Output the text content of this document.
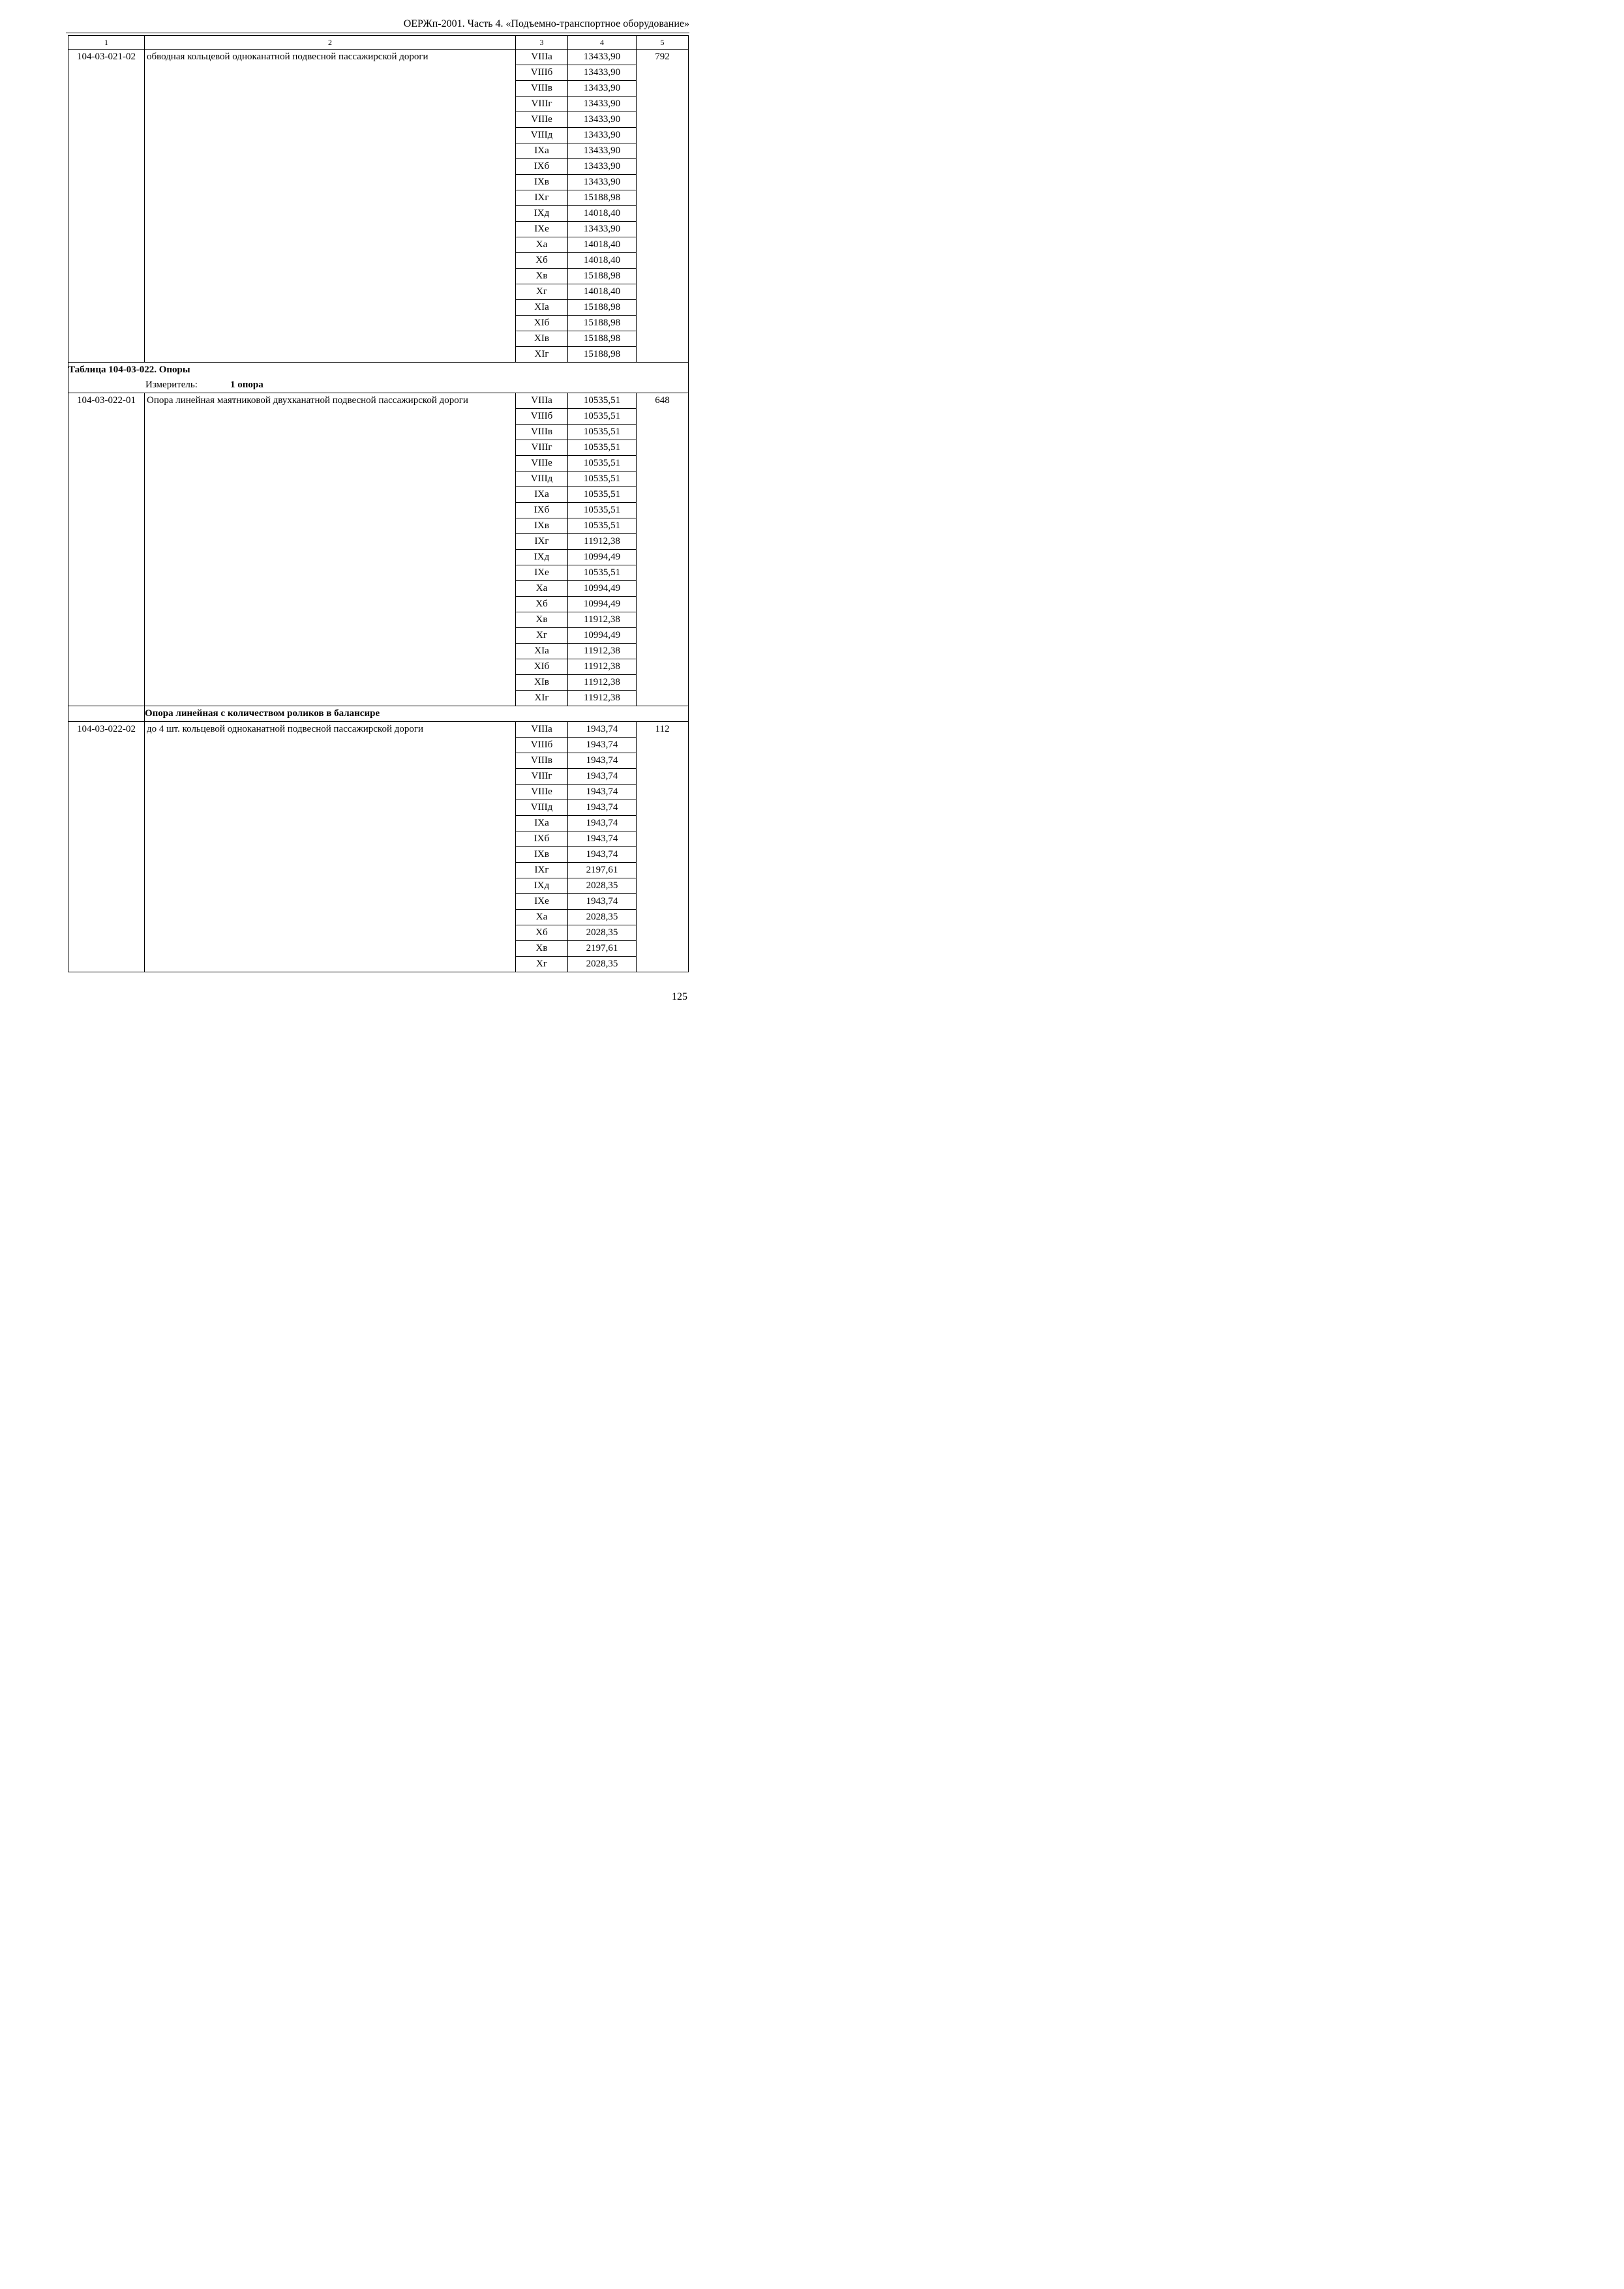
ОЕРЖп-2001. Часть 4. «Подъемно-транспортное оборудование»
1	2	3	4	5
104-03-021-02	обводная кольцевой одноканатной подвесной пассажирской дороги	VIIIа	13433,90	792
		VIIIб	13433,90	
		VIIIв	13433,90	
		VIIIг	13433,90	
		VIIIе	13433,90	
		VIIIд	13433,90	
		IXа	13433,90	
		IXб	13433,90	
		IXв	13433,90	
		IXг	15188,98	
		IXд	14018,40	
		IXе	13433,90	
		Xа	14018,40	
		Xб	14018,40	
		Xв	15188,98	
		Xг	14018,40	
		XIа	15188,98	
		XIб	15188,98	
		XIв	15188,98	
		XIг	15188,98	
Таблица 104-03-022. Опоры				
Измеритель: 1 опора				
104-03-022-01	Опора линейная маятниковой двухканатной подвесной пассажирской дороги	VIIIа	10535,51	648
		VIIIб	10535,51	
		VIIIв	10535,51	
		VIIIг	10535,51	
		VIIIе	10535,51	
		VIIIд	10535,51	
		IXа	10535,51	
		IXб	10535,51	
		IXв	10535,51	
		IXг	11912,38	
		IXд	10994,49	
		IXе	10535,51	
		Xа	10994,49	
		Xб	10994,49	
		Xв	11912,38	
		Xг	10994,49	
		XIа	11912,38	
		XIб	11912,38	
		XIв	11912,38	
		XIг	11912,38	
	Опора линейная с количеством роликов в балансире			
104-03-022-02	до 4 шт. кольцевой одноканатной подвесной пассажирской дороги	VIIIа	1943,74	112
		VIIIб	1943,74	
		VIIIв	1943,74	
		VIIIг	1943,74	
		VIIIе	1943,74	
		VIIIд	1943,74	
		IXа	1943,74	
		IXб	1943,74	
		IXв	1943,74	
		IXг	2197,61	
		IXд	2028,35	
		IXе	1943,74	
		Xа	2028,35	
		Xб	2028,35	
		Xв	2197,61	
		Xг	2028,35	
125
